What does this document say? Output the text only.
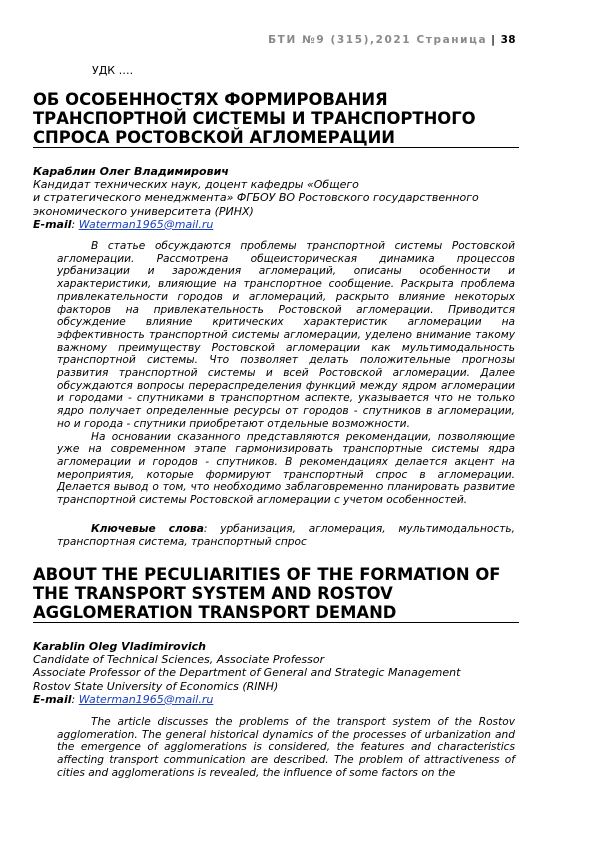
БТИ №9 (315),2021 Страница | 38
УДК ….
ОБ ОСОБЕННОСТЯХ ФОРМИРОВАНИЯ ТРАНСПОРТНОЙ СИСТЕМЫ И ТРАНСПОРТНОГО СПРОСА РОСТОВСКОЙ АГЛОМЕРАЦИИ
Караблин Олег Владимирович
Кандидат технических наук, доцент кафедры «Общего
и стратегического менеджмента» ФГБОУ ВО Ростовского государственного
экономического университета (РИНХ)
E-mail: Waterman1965@mail.ru

В статье обсуждаются проблемы транспортной системы Ростовской агломерации. Рассмотрена общеисторическая динамика процессов урбанизации и зарождения агломераций, описаны особенности и характеристики, влияющие на транспортное сообщение. Раскрыта проблема привлекательности городов и агломераций, раскрыто влияние некоторых факторов на привлекательность Ростовской агломерации. Приводится обсуждение влияние критических характеристик агломерации на эффективность транспортной системы агломерации, уделено внимание такому важному преимуществу Ростовской агломерации как мультимодальность транспортной системы. Что позволяет делать положительные прогнозы развития транспортной системы и всей Ростовской агломерации. Далее обсуждаются вопросы перераспределения функций между ядром агломерации и городами - спутниками в транспортном аспекте, указывается что не только ядро получает определенные ресурсы от городов - спутников в агломерации, но и города - спутники приобретают отдельные возможности.

На основании сказанного представляются рекомендации, позволяющие уже на современном этапе гармонизировать транспортные системы ядра агломерации и городов - спутников. В рекомендациях делается акцент на мероприятия, которые формируют транспортный спрос в агломерации. Делается вывод о том, что необходимо заблаговременно планировать развитие транспортной системы Ростовской агломерации с учетом особенностей.

Ключевые слова: урбанизация, агломерация, мультимодальность, транспортная система, транспортный спрос
ABOUT THE PECULIARITIES OF THE FORMATION OF THE TRANSPORT SYSTEM AND ROSTOV AGGLOMERATION TRANSPORT DEMAND
Karablin Oleg Vladimirovich
Candidate of Technical Sciences, Associate Professor
Associate Professor of the Department of General and Strategic Management
Rostov State University of Economics (RINH)
E-mail: Waterman1965@mail.ru

The article discusses the problems of the transport system of the Rostov agglomeration. The general historical dynamics of the processes of urbanization and the emergence of agglomerations is considered, the features and characteristics affecting transport communication are described. The problem of attractiveness of cities and agglomerations is revealed, the influence of some factors on the
